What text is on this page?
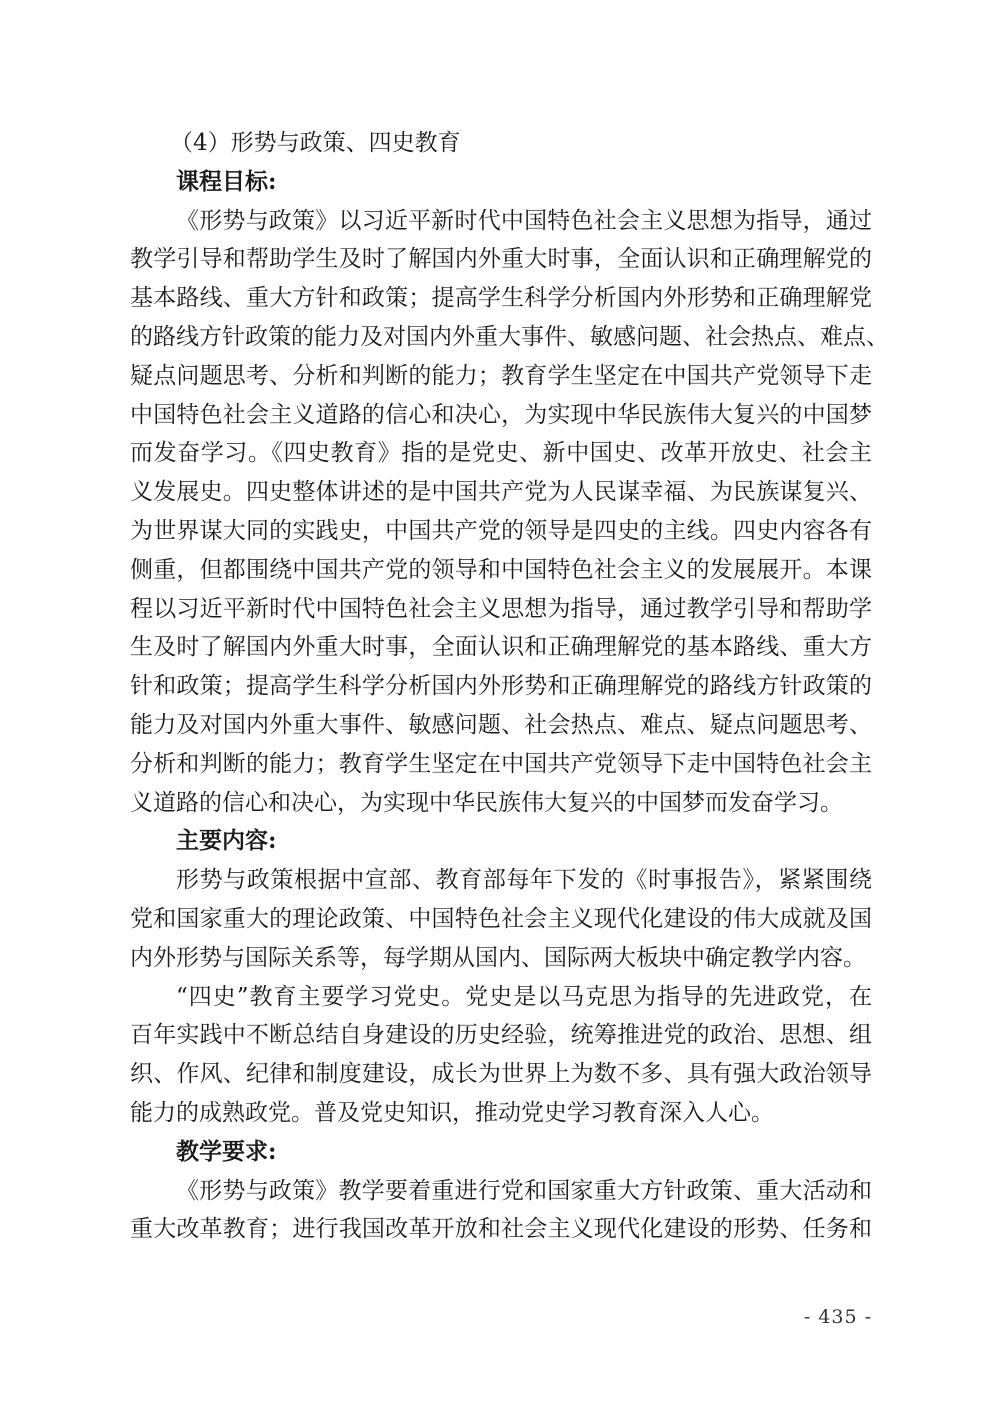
（4）形势与政策、四史教育
课程目标:
《形势与政策》以习近平新时代中国特色社会主义思想为指导，通过
教学引导和帮助学生及时了解国内外重大时事，全面认识和正确理解党的
基本路线、重大方针和政策；提高学生科学分析国内外形势和正确理解党
的路线方针政策的能力及对国内外重大事件、敏感问题、社会热点、难点、
疑点问题思考、分析和判断的能力；教育学生坚定在中国共产党领导下走
中国特色社会主义道路的信心和决心，为实现中华民族伟大复兴的中国梦
而发奋学习。《四史教育》指的是党史、新中国史、改革开放史、社会主
义发展史。四史整体讲述的是中国共产党为人民谋幸福、为民族谋复兴、
为世界谋大同的实践史，中国共产党的领导是四史的主线。四史内容各有
侧重，但都围绕中国共产党的领导和中国特色社会主义的发展展开。本课
程以习近平新时代中国特色社会主义思想为指导，通过教学引导和帮助学
生及时了解国内外重大时事，全面认识和正确理解党的基本路线、重大方
针和政策；提高学生科学分析国内外形势和正确理解党的路线方针政策的
能力及对国内外重大事件、敏感问题、社会热点、难点、疑点问题思考、
分析和判断的能力；教育学生坚定在中国共产党领导下走中国特色社会主
义道路的信心和决心，为实现中华民族伟大复兴的中国梦而发奋学习。
主要内容:
形势与政策根据中宣部、教育部每年下发的《时事报告》，紧紧围绕
党和国家重大的理论政策、中国特色社会主义现代化建设的伟大成就及国
内外形势与国际关系等，每学期从国内、国际两大板块中确定教学内容。
“四史”教育主要学习党史。党史是以马克思为指导的先进政党，在
百年实践中不断总结自身建设的历史经验，统筹推进党的政治、思想、组
织、作风、纪律和制度建设，成长为世界上为数不多、具有强大政治领导
能力的成熟政党。普及党史知识，推动党史学习教育深入人心。
教学要求:
《形势与政策》教学要着重进行党和国家重大方针政策、重大活动和
重大改革教育；进行我国改革开放和社会主义现代化建设的形势、任务和
- 435 -
